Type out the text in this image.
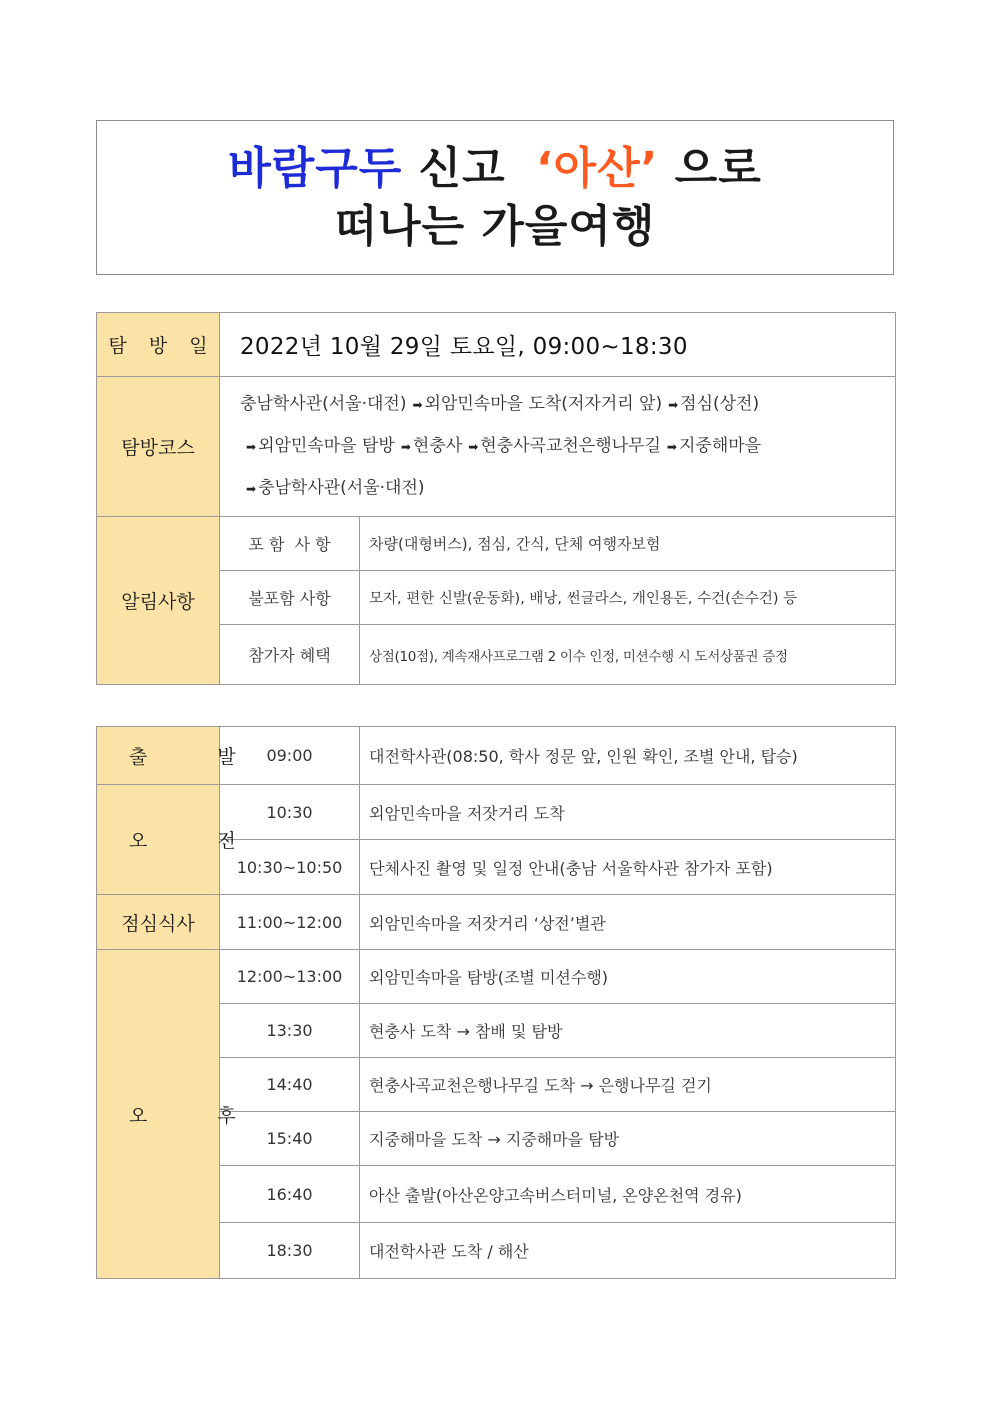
바람구두 신고 ‘아산’ 으로
떠나는 가을여행
탐 방 일	2022년 10월 29일 토요일, 09:00~18:30	
탐방코스	충남학사관(서울·대전) ➡ 외암민속마을 도착(저자거리 앞) ➡ 점심(상전)
➡ 외암민속마을 탐방 ➡ 현충사 ➡ 현충사곡교천은행나무길 ➡ 지중해마을
➡ 충남학사관(서울·대전)	
알림사항	포 함  사 항	차량(대형버스), 점심, 간식, 단체 여행자보험
	불포함 사항	모자, 편한 신발(운동화), 배낭, 썬글라스, 개인용돈, 수건(손수건) 등
	참가자 혜택	상점(10점), 계속재사프로그램 2 이수 인정, 미션수행 시 도서상품권 증정
출 발	09:00	대전학사관(08:50, 학사 정문 앞, 인원 확인, 조별 안내, 탑승)
오 전	10:30	외암민속마을 저잣거리 도착
	10:30~10:50	단체사진 촬영 및 일정 안내(충남 서울학사관 참가자 포함)
점심식사	11:00~12:00	외암민속마을 저잣거리 ‘상전’별관
오 후	12:00~13:00	외암민속마을 탐방(조별 미션수행)
	13:30	현충사 도착 → 참배 및 탐방
	14:40	현충사곡교천은행나무길 도착 → 은행나무길 걷기
	15:40	지중해마을 도착 → 지중해마을 탐방
	16:40	아산 출발(아산온양고속버스터미널, 온양온천역 경유)
	18:30	대전학사관 도착 / 해산
